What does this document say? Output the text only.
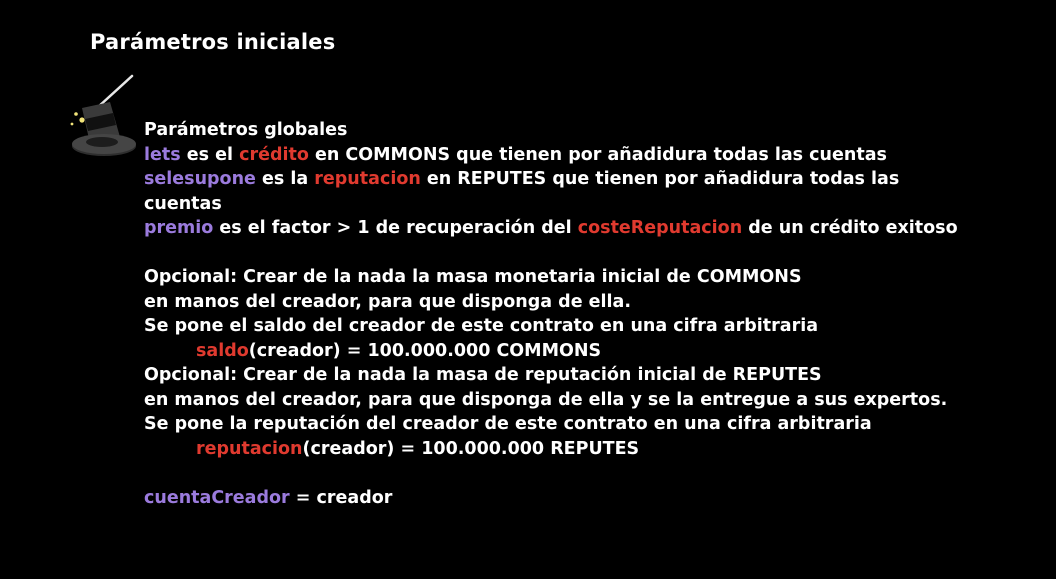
Parámetros iniciales
Parámetros globales
lets es el crédito en COMMONS que tienen por añadidura todas las cuentas
selesupone es la reputacion en REPUTES que tienen por añadidura todas las
cuentas
premio es el factor > 1 de recuperación del costeReputacion de un crédito exitoso
Opcional: Crear de la nada la masa monetaria inicial de COMMONS
en manos del creador, para que disponga de ella.
Se pone el saldo del creador de este contrato en una cifra arbitraria
saldo(creador) = 100.000.000 COMMONS
Opcional: Crear de la nada la masa de reputación inicial de REPUTES
en manos del creador, para que disponga de ella y se la entregue a sus expertos.
Se pone la reputación del creador de este contrato en una cifra arbitraria
reputacion(creador) = 100.000.000 REPUTES
cuentaCreador = creador
